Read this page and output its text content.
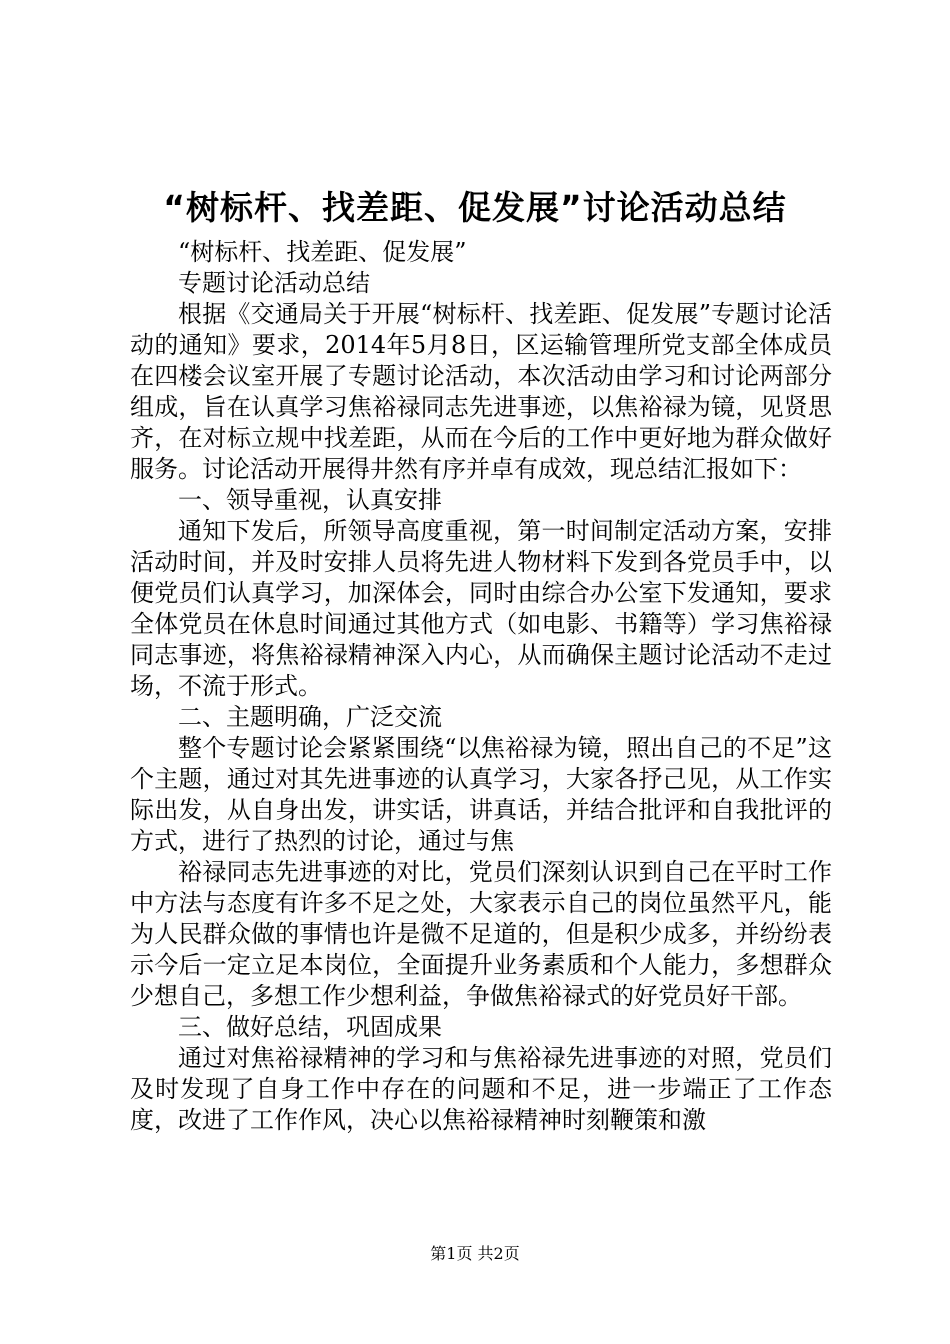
“树标杆、找差距、促发展”讨论活动总结

“树标杆、找差距、促发展”

专题讨论活动总结

根据《交通局关于开展“树标杆、找差距、促发展”专题讨论活动的通知》要求，2014年5月8日，区运输管理所党支部全体成员在四楼会议室开展了专题讨论活动，本次活动由学习和讨论两部分组成，旨在认真学习焦裕禄同志先进事迹，以焦裕禄为镜，见贤思齐，在对标立规中找差距，从而在今后的工作中更好地为群众做好服务。讨论活动开展得井然有序并卓有成效，现总结汇报如下：

一、领导重视，认真安排

通知下发后，所领导高度重视，第一时间制定活动方案，安排活动时间，并及时安排人员将先进人物材料下发到各党员手中，以便党员们认真学习，加深体会，同时由综合办公室下发通知，要求全体党员在休息时间通过其他方式（如电影、书籍等）学习焦裕禄同志事迹，将焦裕禄精神深入内心，从而确保主题讨论活动不走过场，不流于形式。

二、主题明确，广泛交流

整个专题讨论会紧紧围绕“以焦裕禄为镜，照出自己的不足”这个主题，通过对其先进事迹的认真学习，大家各抒己见，从工作实际出发，从自身出发，讲实话，讲真话，并结合批评和自我批评的方式，进行了热烈的讨论，通过与焦

裕禄同志先进事迹的对比，党员们深刻认识到自己在平时工作中方法与态度有许多不足之处，大家表示自己的岗位虽然平凡，能为人民群众做的事情也许是微不足道的，但是积少成多，并纷纷表示今后一定立足本岗位，全面提升业务素质和个人能力，多想群众少想自己，多想工作少想利益，争做焦裕禄式的好党员好干部。

三、做好总结，巩固成果

通过对焦裕禄精神的学习和与焦裕禄先进事迹的对照，党员们及时发现了自身工作中存在的问题和不足，进一步端正了工作态度，改进了工作作风，决心以焦裕禄精神时刻鞭策和激

第1页 共2页
